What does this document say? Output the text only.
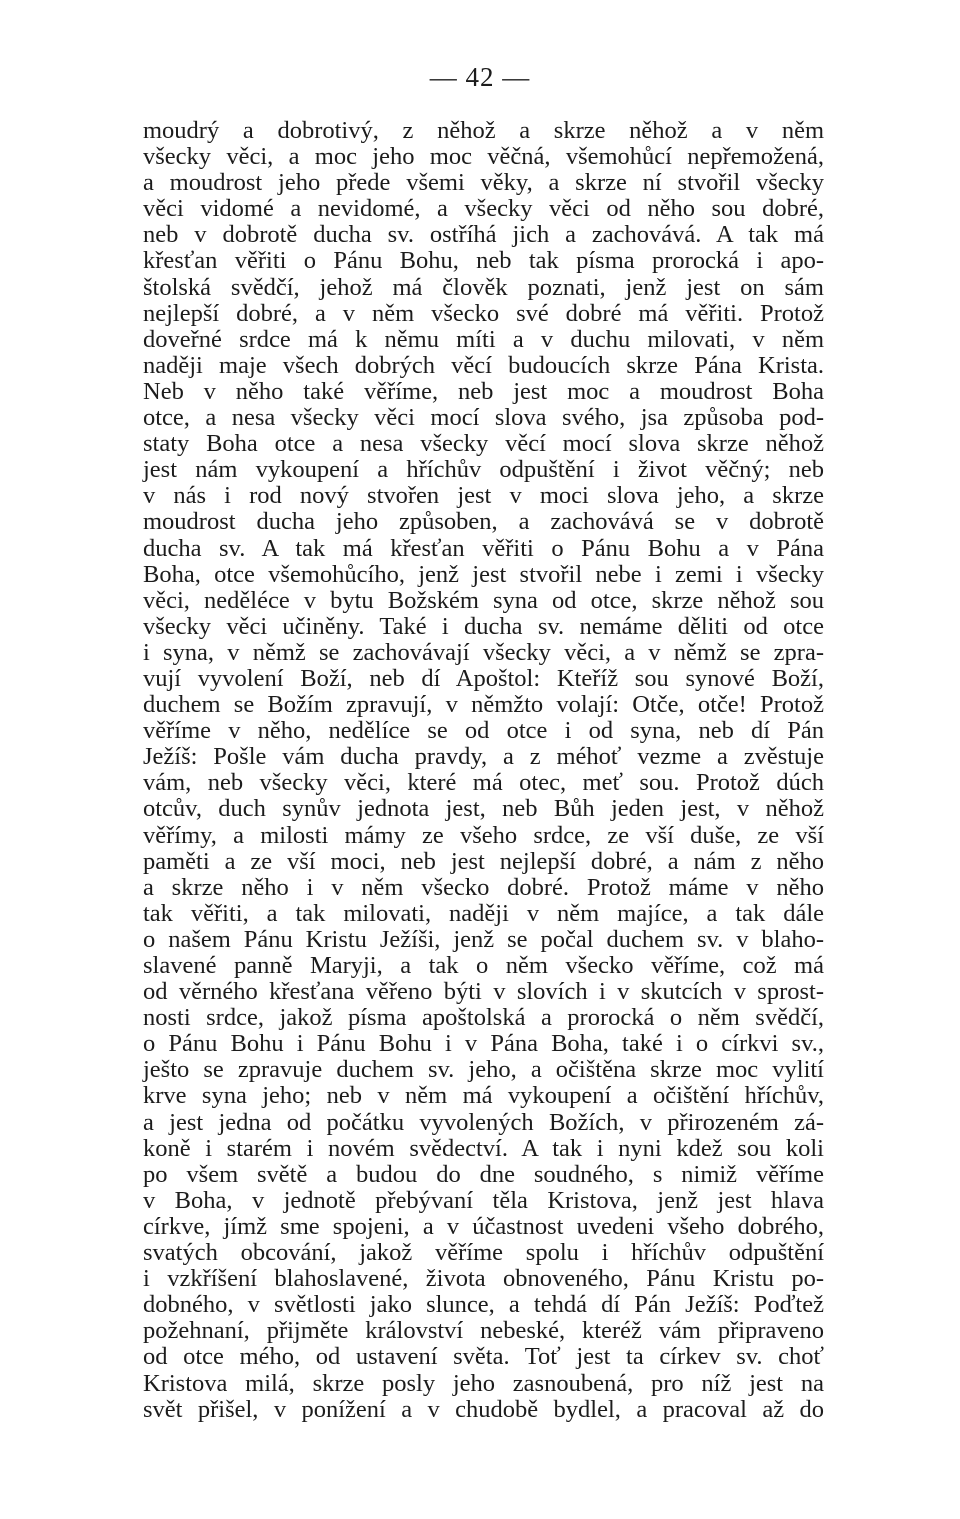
— 42 —
moudrý a dobrotivý, z něhož a skrze něhož a v něm
všecky věci, a moc jeho moc věčná, všemohůcí nepřemožená,
a moudrost jeho přede všemi věky, a skrze ní stvořil všecky
věci vidomé a nevidomé, a všecky věci od něho sou dobré,
neb v dobrotě ducha sv. ostříhá jich a zachovává. A tak má
křesťan věřiti o Pánu Bohu, neb tak písma prorocká i apo-
štolská svědčí, jehož má člověk poznati, jenž jest on sám
nejlepší dobré, a v něm všecko své dobré má věřiti. Protož
doveřné srdce má k němu míti a v duchu milovati, v něm
naději maje všech dobrých věcí budoucích skrze Pána Krista.
Neb v něho také věříme, neb jest moc a moudrost Boha
otce, a nesa všecky věci mocí slova svého, jsa způsoba pod-
staty Boha otce a nesa všecky věcí mocí slova skrze něhož
jest nám vykoupení a hříchův odpuštění i život věčný; neb
v nás i rod nový stvořen jest v moci slova jeho, a skrze
moudrost ducha jeho způsoben, a zachovává se v dobrotě
ducha sv. A tak má křesťan věřiti o Pánu Bohu a v Pána
Boha, otce všemohůcího, jenž jest stvořil nebe i zemi i všecky
věci, neděléce v bytu Božském syna od otce, skrze něhož sou
všecky věci učiněny. Také i ducha sv. nemáme děliti od otce
i syna, v němž se zachovávají všecky věci, a v němž se zpra-
vují vyvolení Boží, neb dí Apoštol: Kteříž sou synové Boží,
duchem se Božím zpravují, v němžto volají: Otče, otče! Protož
věříme v něho, nedělíce se od otce i od syna, neb dí Pán
Ježíš: Pošle vám ducha pravdy, a z méhoť vezme a zvěstuje
vám, neb všecky věci, které má otec, meť sou. Protož dúch
otcův, duch synův jednota jest, neb Bůh jeden jest, v něhož
věřímy, a milosti mámy ze všeho srdce, ze vší duše, ze vší
paměti a ze vší moci, neb jest nejlepší dobré, a nám z něho
a skrze něho i v něm všecko dobré. Protož máme v něho
tak věřiti, a tak milovati, naději v něm majíce, a tak dále
o našem Pánu Kristu Ježíši, jenž se počal duchem sv. v blaho-
slavené panně Maryji, a tak o něm všecko věříme, což má
od věrného křesťana věřeno býti v slovích i v skutcích v sprost-
nosti srdce, jakož písma apoštolská a prorocká o něm svědčí,
o Pánu Bohu i Pánu Bohu i v Pána Boha, také i o církvi sv.,
ještо se zpravuje duchem sv. jeho, a očištěna skrze moc vylití
krve syna jeho; neb v něm má vykoupení a očištění hříchův,
a jest jedna od počátku vyvolených Božích, v přirozeném zá-
koně i starém i novém svědectví. A tak i nyni kdež sou koli
po všem světě a budou do dne soudného, s nimiž věříme
v Boha, v jednotě přebývaní těla Kristova, jenž jest hlava
církve, jímž sme spojeni, a v účastnost uvedeni všeho dobrého,
svatých obcování, jakož věříme spolu i hříchův odpuštění
i vzkříšení blahoslavené, života obnoveného, Pánu Kristu po-
dobného, v světlosti jako slunce, a tehdá dí Pán Ježíš: Poďtež
požehnaní, přijměte království nebeské, kteréž vám připraveno
od otce mého, od ustavení světa. Toť jest ta církev sv. choť
Kristova milá, skrze posly jeho zasnoubená, pro níž jest na
svět přišel, v ponížení a v chudobě bydlel, a pracoval až do
